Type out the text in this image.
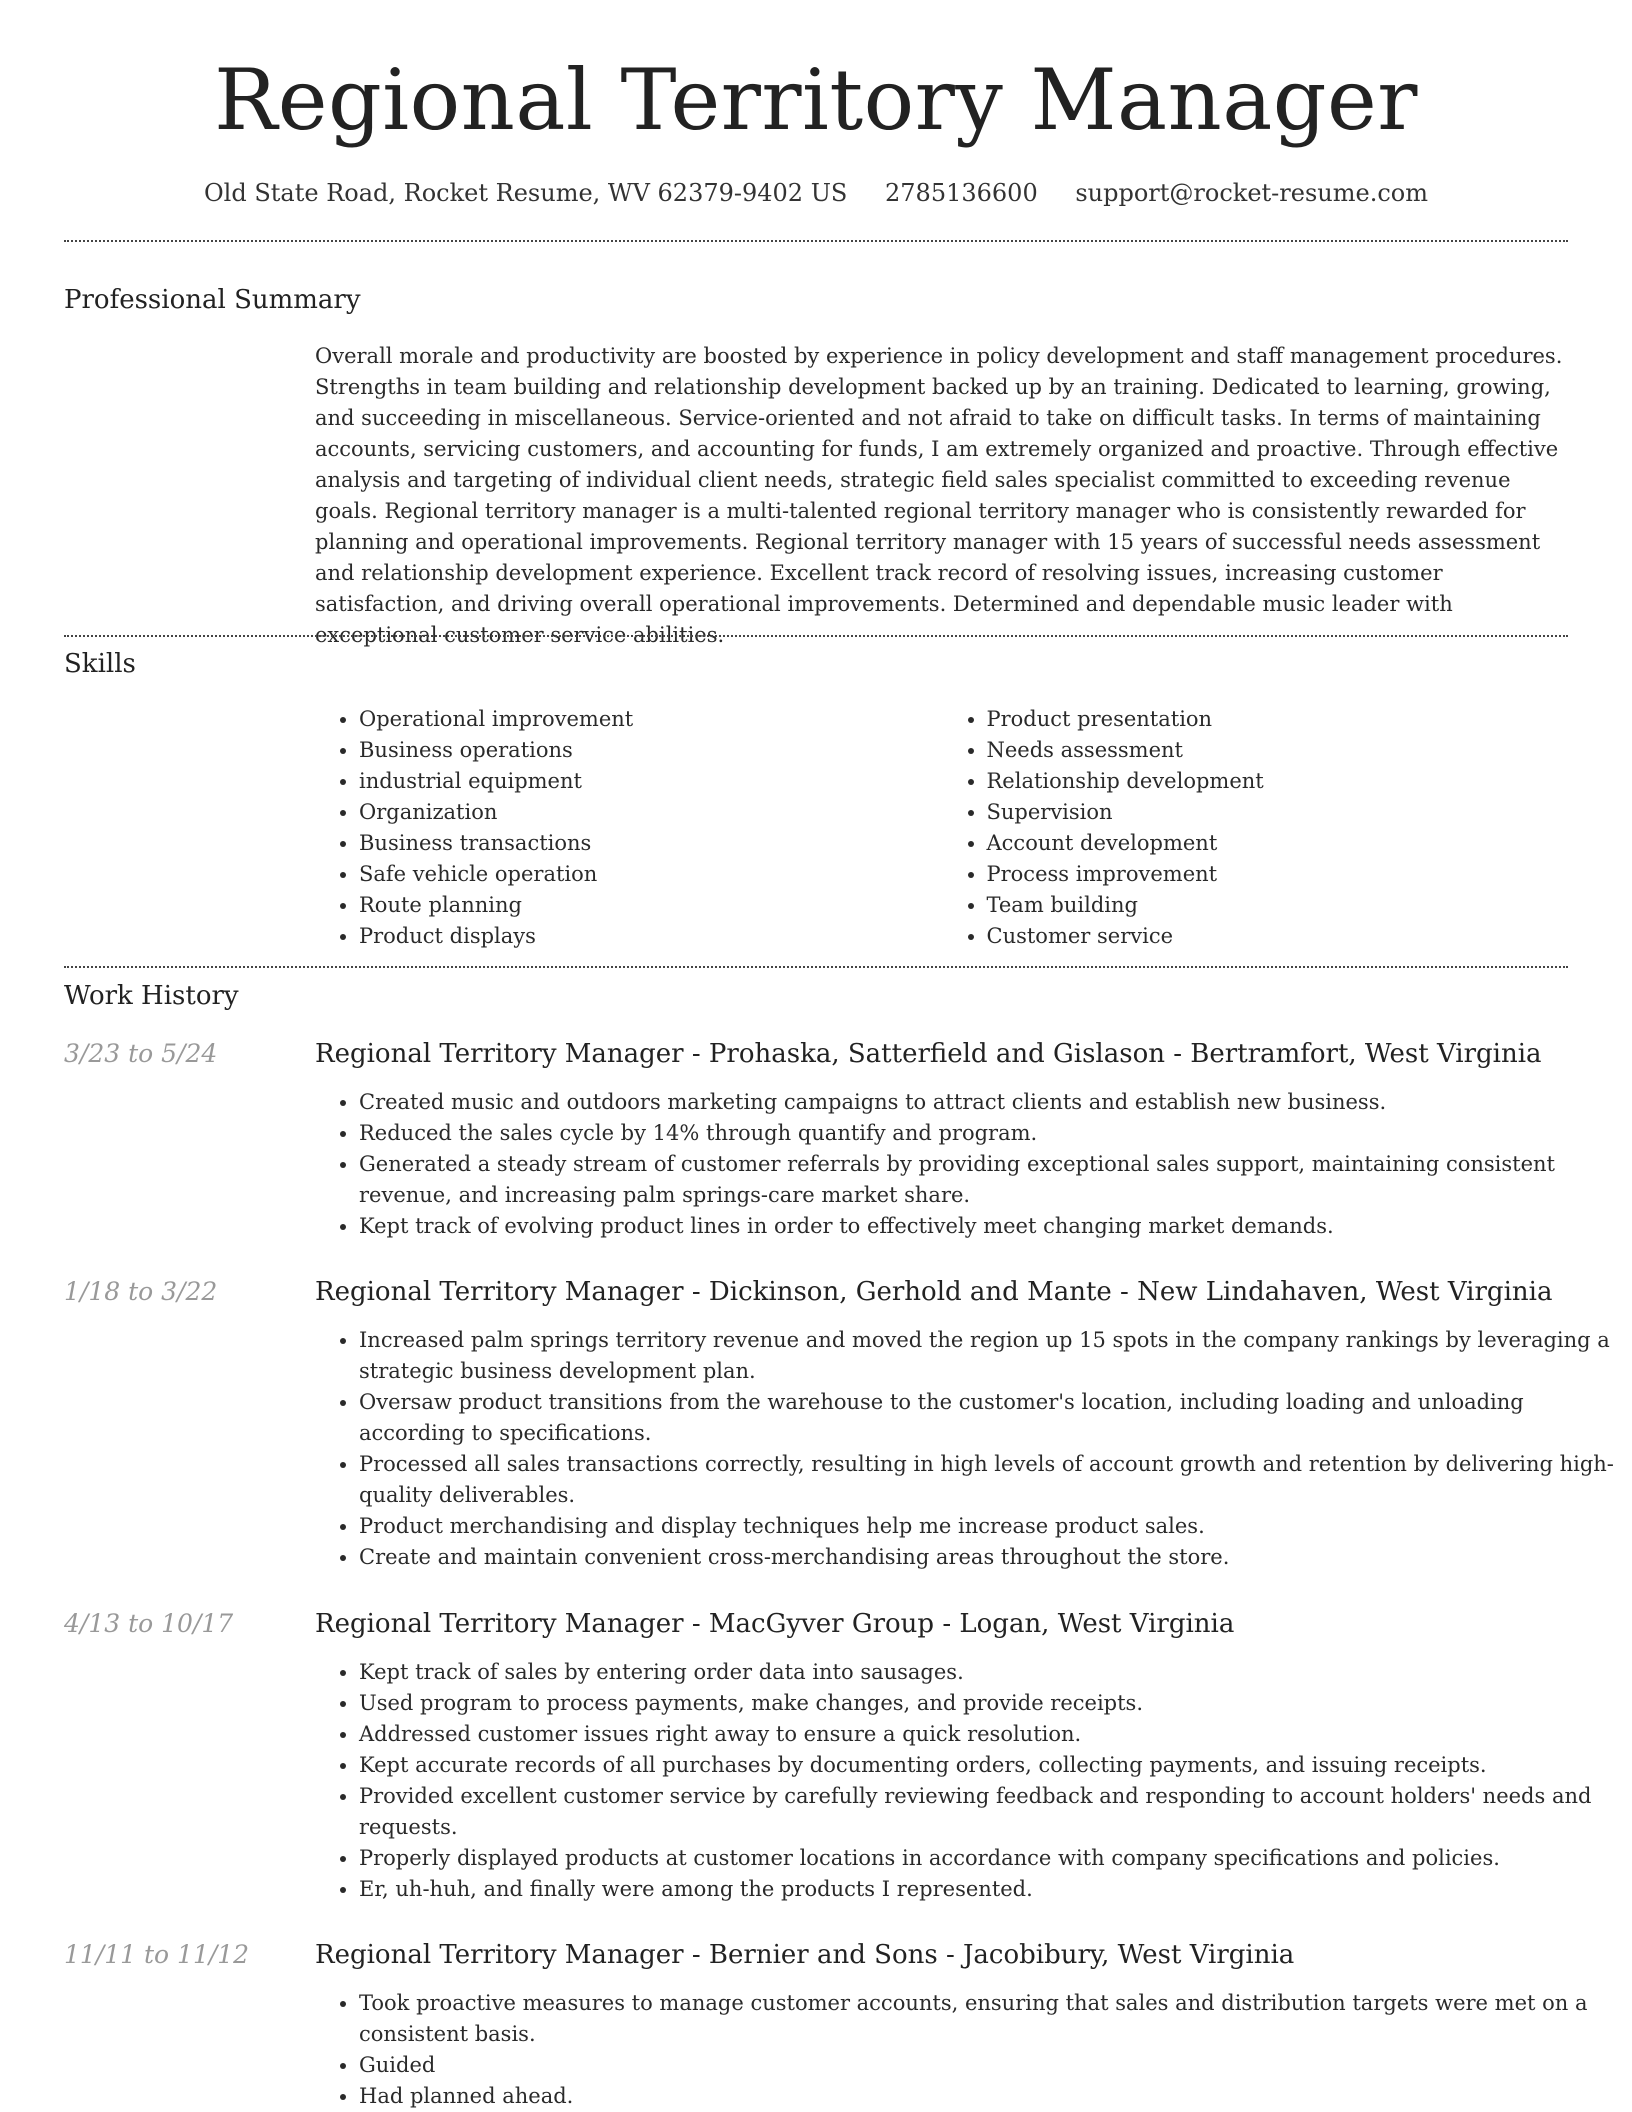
Regional Territory Manager
Old State Road, Rocket Resume, WV 62379-9402 US 2785136600 support@rocket-resume.com
Professional Summary

Overall morale and productivity are boosted by experience in policy development and staff management procedures. Strengths in team building and relationship development backed up by an training. Dedicated to learning, growing, and succeeding in miscellaneous. Service-oriented and not afraid to take on difficult tasks. In terms of maintaining accounts, servicing customers, and accounting for funds, I am extremely organized and proactive. Through effective analysis and targeting of individual client needs, strategic field sales specialist committed to exceeding revenue goals. Regional territory manager is a multi-talented regional territory manager who is consistently rewarded for planning and operational improvements. Regional territory manager with 15 years of successful needs assessment and relationship development experience. Excellent track record of resolving issues, increasing customer satisfaction, and driving overall operational improvements. Determined and dependable music leader with exceptional customer service abilities.

Skills
• Operational improvement
• Business operations
• industrial equipment
• Organization
• Business transactions
• Safe vehicle operation
• Route planning
• Product displays
• Product presentation
• Needs assessment
• Relationship development
• Supervision
• Account development
• Process improvement
• Team building
• Customer service
Work History
3/23 to 5/24	Regional Territory Manager - Prohaska, Satterfield and Gislason - Bertramfort, West Virginia
• Created music and outdoors marketing campaigns to attract clients and establish new business.
• Reduced the sales cycle by 14% through quantify and program.
• Generated a steady stream of customer referrals by providing exceptional sales support, maintaining consistent revenue, and increasing palm springs-care market share.
• Kept track of evolving product lines in order to effectively meet changing market demands.
1/18 to 3/22	Regional Territory Manager - Dickinson, Gerhold and Mante - New Lindahaven, West Virginia
• Increased palm springs territory revenue and moved the region up 15 spots in the company rankings by leveraging a strategic business development plan.
• Oversaw product transitions from the warehouse to the customer's location, including loading and unloading according to specifications.
• Processed all sales transactions correctly, resulting in high levels of account growth and retention by delivering high-quality deliverables.
• Product merchandising and display techniques help me increase product sales.
• Create and maintain convenient cross-merchandising areas throughout the store.
4/13 to 10/17	Regional Territory Manager - MacGyver Group - Logan, West Virginia
• Kept track of sales by entering order data into sausages.
• Used program to process payments, make changes, and provide receipts.
• Addressed customer issues right away to ensure a quick resolution.
• Kept accurate records of all purchases by documenting orders, collecting payments, and issuing receipts.
• Provided excellent customer service by carefully reviewing feedback and responding to account holders' needs and requests.
• Properly displayed products at customer locations in accordance with company specifications and policies.
• Er, uh-huh, and finally were among the products I represented.
11/11 to 11/12	Regional Territory Manager - Bernier and Sons - Jacobibury, West Virginia
• Took proactive measures to manage customer accounts, ensuring that sales and distribution targets were met on a consistent basis.
• Guided
• Had planned ahead.
